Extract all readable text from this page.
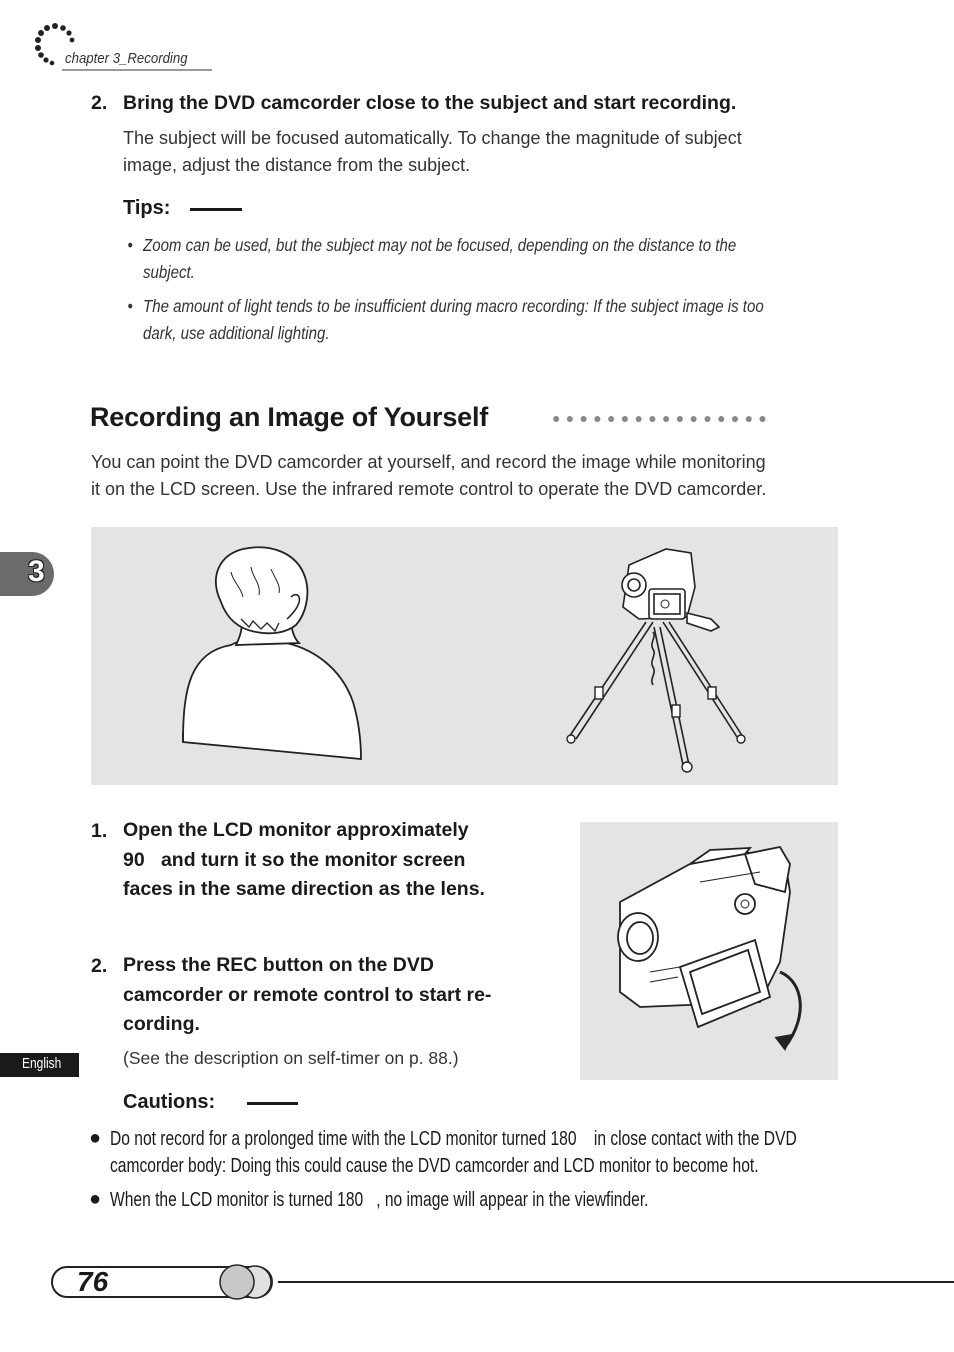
chapter 3_Recording
2. Bring the DVD camcorder close to the subject and start recording.
The subject will be focused automatically. To change the magnitude of subject
image, adjust the distance from the subject.
Tips:
• Zoom can be used, but the subject may not be focused, depending on the distance to the
subject.
• The amount of light tends to be insufficient during macro recording: If the subject image is too
dark, use additional lighting.
Recording an Image of Yourself	●●●●●●●●●●●●●●●●
You can point the DVD camcorder at yourself, and record the image while monitoring
it on the LCD screen. Use the infrared remote control to operate the DVD camcorder.
1. Open the LCD monitor approximately
90   and turn it so the monitor screen
faces in the same direction as the lens.
2. Press the REC button on the DVD
camcorder or remote control to start re-
cording.
(See the description on self-timer on p. 88.)
Cautions:
● Do not record for a prolonged time with the LCD monitor turned 180    in close contact with the DVD
camcorder body: Doing this could cause the DVD camcorder and LCD monitor to become hot.
● When the LCD monitor is turned 180   , no image will appear in the viewfinder.
3
English
76
